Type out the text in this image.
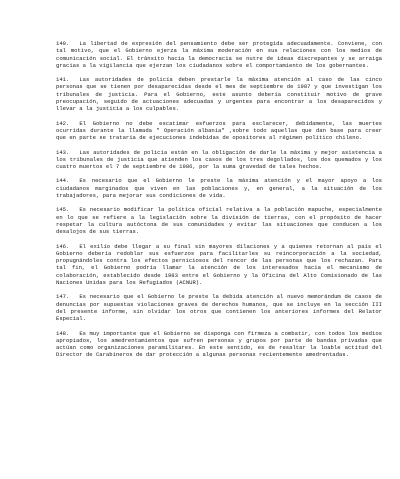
140. La libertad de expresión del pensamiento debe ser protegida adecuadamente. Conviene, con tal motivo, que el Gobierno ejerza la máxima moderación en sus relaciones con los medios de comunicación social. El tránsito hacia la democracia se nutre de ideas discrepantes y se arraiga gracias a la vigilancia que ejerzan los ciudadanos sobre el comportamiento de los gobernantes.

141. Las autoridades de policía deben prestarle la máxima atención al caso de las cinco personas que se tienen por desaparecidas desde el mes de septiembre de 1987 y que investigan los tribunales de justicia. Para el Gobierno, este asunto debería constituir motivo de grave preocupación, seguido de actuaciones adecuadas y urgentes para encontrar a los desaparecidos y llevar a la justicia a los culpables.

142. El Gobierno no debe escatimar esfuerzos para esclarecer, debidamente, las muertes ocurridas durante la llamada " Operación albania" ,sobre todo aquellas que dan base para creer que en parte se trataría de ejecuciones indebidas de opositores al régimen político chileno.

143. Las autoridades de policía están en la obligación de darle la máxima y mejor asistencia a los tribunales de justicia que atienden los casos de los tres degollados, los dos quemados y los cuatro muertos el 7 de septiembre de 1986, por la suma gravedad de tales hechos.

144. Es necesario que el Gobierno le preste la máxima atención y el mayor apoyo a los ciudadanos marginados que viven en las poblaciones y, en general, a la situación de los trabajadores, para mejorar sus condiciones de vida.

145. Es necesario modificar la política oficial relativa a la población mapuche, especialmente en lo que se refiere a la legislación sobre la división de tierras, con el propósito de hacer respetar la cultura autóctona de sus comunidades y evitar las situaciones que conducen a los desalojos de sus tierras.

146. El exilio debe llegar a su final sin mayores dilaciones y a quienes retornan al país el Gobierno debería redoblar sus esfuerzos para facilitarles su reincorporación a la sociedad, propugnándoles contra los efectos perniciosos del rencor de las personas que los rechazan. Para tal fin, el Gobierno podría llamar la atención de los interesados hacia el mecanismo de colaboración, establecido desde 1983 entre el Gobierno y la Oficina del Alto Comisionado de las Naciones Unidas para los Refugiados (ACNUR).

147. Es necesario que el Gobierno le preste la debida atención al nuevo memorándum de casos de denuncias por supuestas violaciones graves de derechos humanos, que se incluye en la sección III del presente informe, sin olvidar los otros que contienen los anteriores informes del Relator Especial.

148. Es muy importante que el Gobierno se disponga con firmeza a combatir, con todos los medios apropiados, los amedrentamientos que sufren personas y grupos por parte de bandas privadas que actúan como organizaciones paramilitares. En este sentido, es de resaltar la loable actitud del Director de Carabineros de dar protección a algunas personas recientemente amedrentadas.
